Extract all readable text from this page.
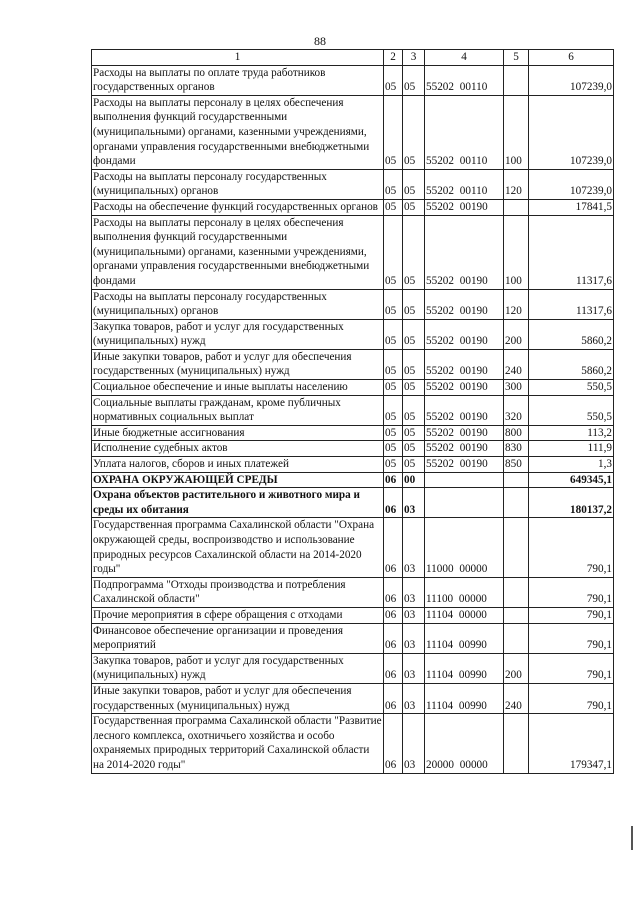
88
1	2	3	4	5	6
Расходы на выплаты по оплате труда работников государственных органов	05	05	55202 00110		107239,0
Расходы на выплаты персоналу в целях обеспечения выполнения функций государственными (муниципальными) органами, казенными учреждениями, органами управления государственными внебюджетными фондами	05	05	55202 00110	100	107239,0
Расходы на выплаты персоналу государственных (муниципальных) органов	05	05	55202 00110	120	107239,0
Расходы на обеспечение функций государственных органов	05	05	55202 00190		17841,5
Расходы на выплаты персоналу в целях обеспечения выполнения функций государственными (муниципальными) органами, казенными учреждениями, органами управления государственными внебюджетными фондами	05	05	55202 00190	100	11317,6
Расходы на выплаты персоналу государственных (муниципальных) органов	05	05	55202 00190	120	11317,6
Закупка товаров, работ и услуг для государственных (муниципальных) нужд	05	05	55202 00190	200	5860,2
Иные закупки товаров, работ и услуг для обеспечения государственных (муниципальных) нужд	05	05	55202 00190	240	5860,2
Социальное обеспечение и иные выплаты населению	05	05	55202 00190	300	550,5
Социальные выплаты гражданам, кроме публичных нормативных социальных выплат	05	05	55202 00190	320	550,5
Иные бюджетные ассигнования	05	05	55202 00190	800	113,2
Исполнение судебных актов	05	05	55202 00190	830	111,9
Уплата налогов, сборов и иных платежей	05	05	55202 00190	850	1,3
ОХРАНА ОКРУЖАЮЩЕЙ СРЕДЫ	06	00			649345,1
Охрана объектов растительного и животного мира и среды их обитания	06	03			180137,2
Государственная программа Сахалинской области "Охрана окружающей среды, воспроизводство и использование природных ресурсов Сахалинской области на 2014-2020 годы"	06	03	11000 00000		790,1
Подпрограмма "Отходы производства и потребления Сахалинской области"	06	03	11100 00000		790,1
Прочие мероприятия в сфере обращения с отходами	06	03	11104 00000		790,1
Финансовое обеспечение организации и проведения мероприятий	06	03	11104 00990		790,1
Закупка товаров, работ и услуг для государственных (муниципальных) нужд	06	03	11104 00990	200	790,1
Иные закупки товаров, работ и услуг для обеспечения государственных (муниципальных) нужд	06	03	11104 00990	240	790,1
Государственная программа Сахалинской области "Развитие лесного комплекса, охотничьего хозяйства и особо охраняемых природных территорий Сахалинской области на 2014-2020 годы"	06	03	20000 00000		179347,1
